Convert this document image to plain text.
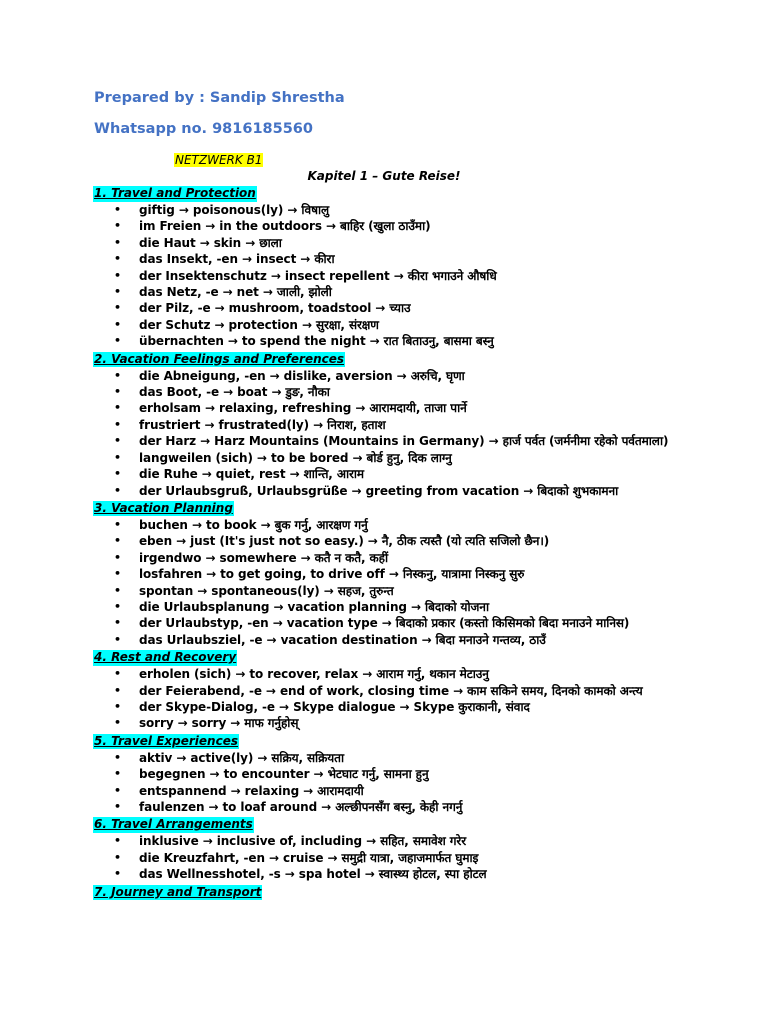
Prepared by : Sandip Shrestha
Whatsapp no. 9816185560
NETZWERK B1
Kapitel 1 – Gute Reise!
1. Travel and Protection
• giftig → poisonous(ly) → विषालु
• im Freien → in the outdoors → बाहिर (खुला ठाउँमा)
• die Haut → skin → छाला
• das Insekt, -en → insect → कीरा
• der Insektenschutz → insect repellent → कीरा भगाउने औषधि
• das Netz, -e → net → जाली, झोली
• der Pilz, -e → mushroom, toadstool → च्याउ
• der Schutz → protection → सुरक्षा, संरक्षण
• übernachten → to spend the night → रात बिताउनु, बासमा बस्नु
2. Vacation Feelings and Preferences
• die Abneigung, -en → dislike, aversion → अरुचि, घृणा
• das Boot, -e → boat → डुङ, नौका
• erholsam → relaxing, refreshing → आरामदायी, ताजा पार्ने
• frustriert → frustrated(ly) → निराश, हताश
• der Harz → Harz Mountains (Mountains in Germany) → हार्ज पर्वत (जर्मनीमा रहेको पर्वतमाला)
• langweilen (sich) → to be bored → बोर्ड हुनु, दिक लाग्नु
• die Ruhe → quiet, rest → शान्ति, आराम
• der Urlaubsgruß, Urlaubsgrüße → greeting from vacation → बिदाको शुभकामना
3. Vacation Planning
• buchen → to book → बुक गर्नु, आरक्षण गर्नु
• eben → just (It's just not so easy.) → नै, ठीक त्यस्तै (यो त्यति सजिलो छैन।)
• irgendwo → somewhere → कतै न कतै, कहीं
• losfahren → to get going, to drive off → निस्कनु, यात्रामा निस्कनु सुरु
• spontan → spontaneous(ly) → सहज, तुरुन्त
• die Urlaubsplanung → vacation planning → बिदाको योजना
• der Urlaubstyp, -en → vacation type → बिदाको प्रकार (कस्तो किसिमको बिदा मनाउने मानिस)
• das Urlaubsziel, -e → vacation destination → बिदा मनाउने गन्तव्य, ठाउँ
4. Rest and Recovery
• erholen (sich) → to recover, relax → आराम गर्नु, थकान मेटाउनु
• der Feierabend, -e → end of work, closing time → काम सकिने समय, दिनको कामको अन्त्य
• der Skype-Dialog, -e → Skype dialogue → Skype कुराकानी, संवाद
• sorry → sorry → माफ गर्नुहोस्
5. Travel Experiences
• aktiv → active(ly) → सक्रिय, सक्रियता
• begegnen → to encounter → भेटघाट गर्नु, सामना हुनु
• entspannend → relaxing → आरामदायी
• faulenzen → to loaf around → अल्छीपनसँग बस्नु, केही नगर्नु
6. Travel Arrangements
• inklusive → inclusive of, including → सहित, समावेश गरेर
• die Kreuzfahrt, -en → cruise → समुद्री यात्रा, जहाजमार्फत घुमाइ
• das Wellnesshotel, -s → spa hotel → स्वास्थ्य होटल, स्पा होटल
7. Journey and Transport
